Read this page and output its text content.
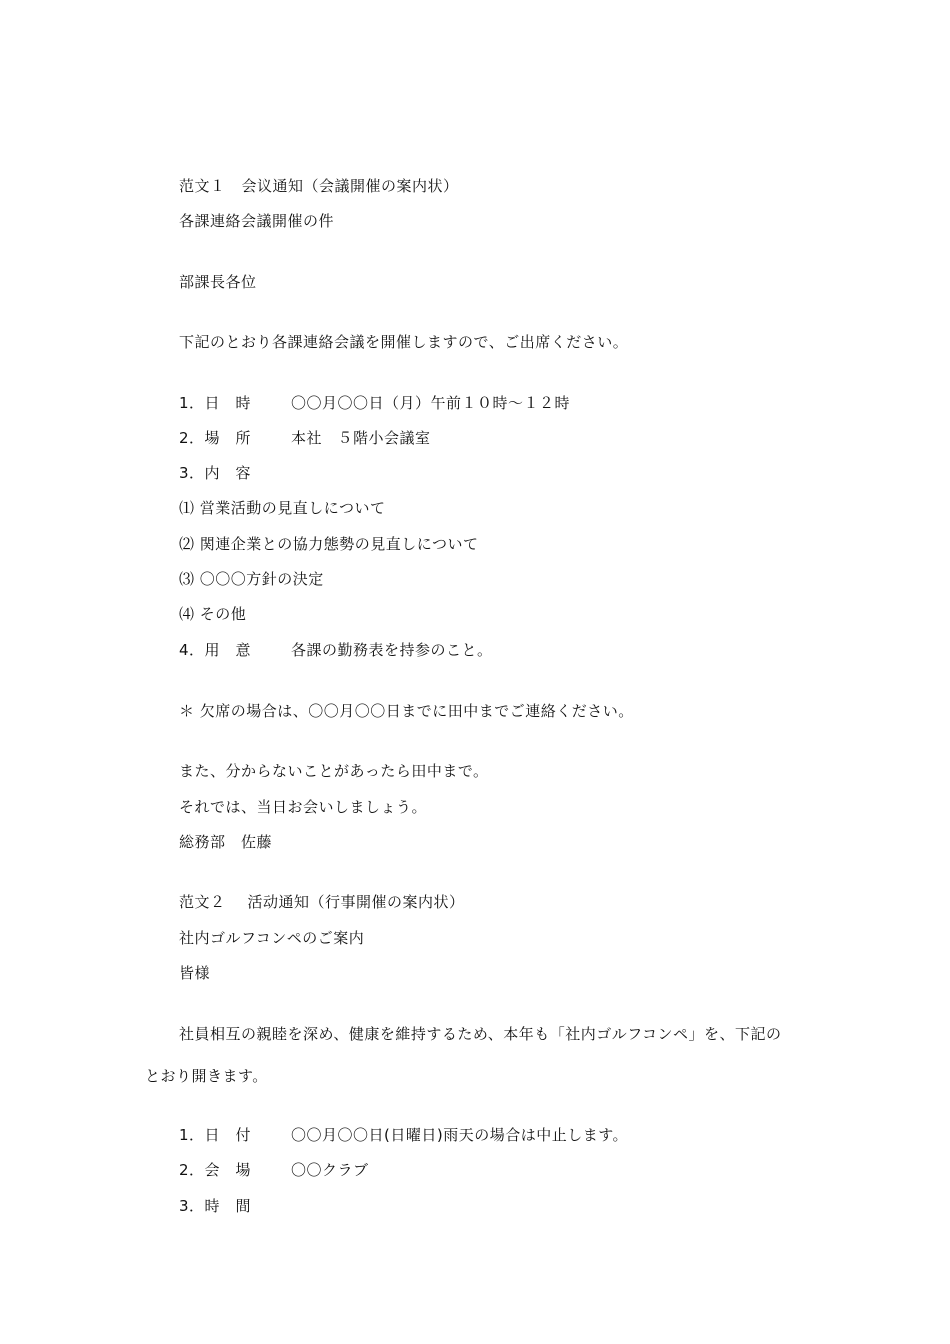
范文１ 会议通知（会議開催の案内状）
各課連絡会議開催の件
部課長各位
下記のとおり各課連絡会議を開催しますので、ご出席ください。
1．日　時	〇〇月〇〇日（月）午前１０時～１２時
2．場　所	本社　５階小会議室
3．内　容
⑴ 営業活動の見直しについて
⑵ 関連企業との協力態勢の見直しについて
⑶ 〇〇〇方針の決定
⑷ その他
4．用　意	各課の勤務表を持参のこと。
＊ 欠席の場合は、〇〇月〇〇日までに田中までご連絡ください。
また、分からないことがあったら田中まで。
それでは、当日お会いしましょう。
総務部　佐藤
范文２ 活动通知（行事開催の案内状）
社内ゴルフコンペのご案内
皆様
社員相互の親睦を深め、健康を維持するため、本年も「社内ゴルフコンペ」を、下記の
とおり開きます。
1．日　付	〇〇月〇〇日(日曜日)雨天の場合は中止します。
2．会　場	〇〇クラブ
3．時　間
